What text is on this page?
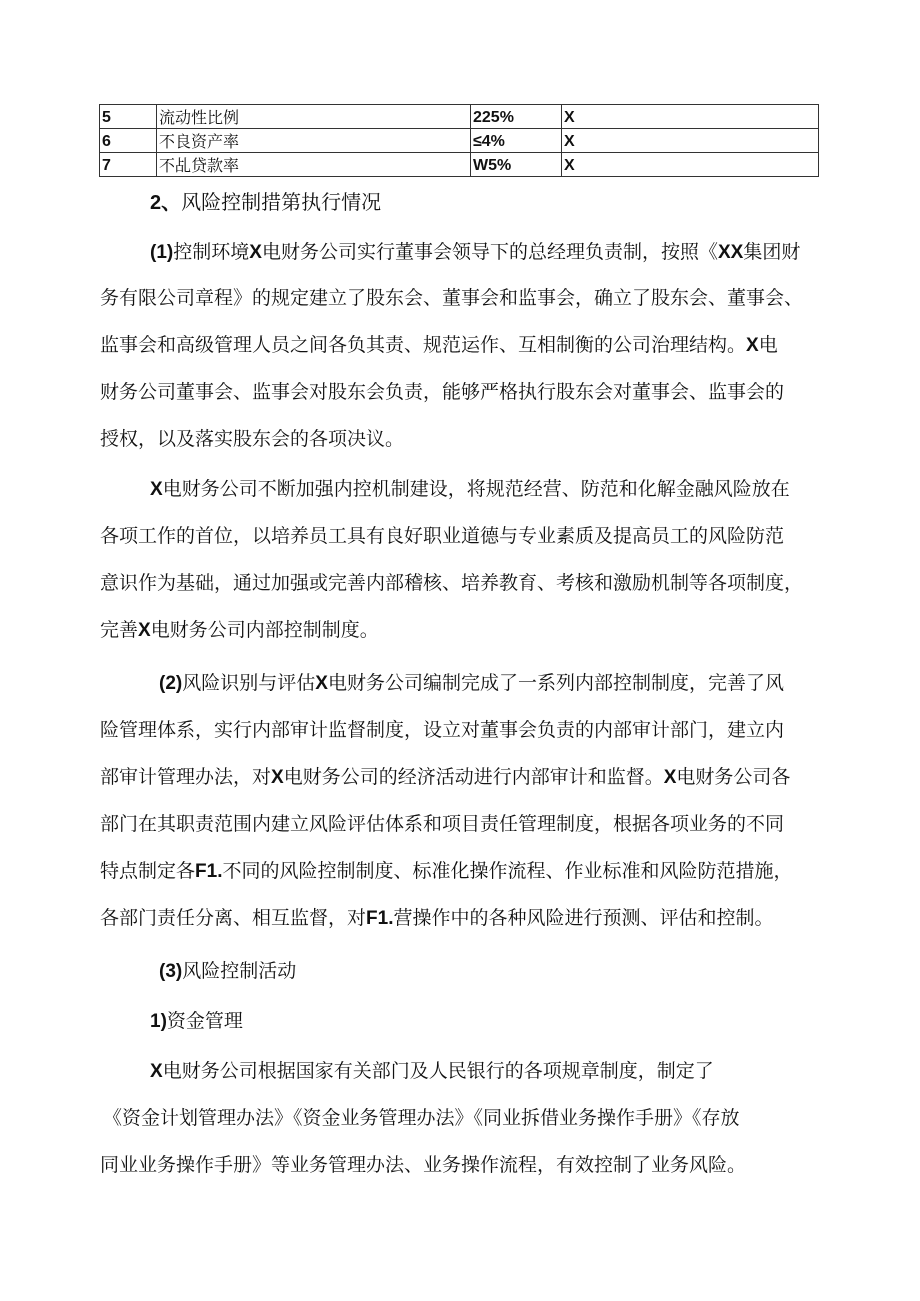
5	流动性比例	225%	X
6	不良资产率	≤4%	X
7	不乩贷款率	W5%	X
2、风险控制措第执行情况
(1)控制环境X电财务公司实行董事会领导下的总经理负责制，按照《XX集团财
务有限公司章程》的规定建立了股东会、董事会和监事会，确立了股东会、董事会、
监事会和高级管理人员之间各负其责、规范运作、互相制衡的公司治理结构。X电
财务公司董事会、监事会对股东会负责，能够严格执行股东会对董事会、监事会的
授权，以及落实股东会的各项决议。
X电财务公司不断加强内控机制建设，将规范经营、防范和化解金融风险放在
各项工作的首位，以培养员工具有良好职业道德与专业素质及提高员工的风险防范
意识作为基础，通过加强或完善内部稽核、培养教育、考核和激励机制等各项制度，
完善X电财务公司内部控制制度。
(2)风险识别与评估X电财务公司编制完成了一系列内部控制制度，完善了风
险管理体系，实行内部审计监督制度，设立对董事会负责的内部审计部门，建立内
部审计管理办法，对X电财务公司的经济活动进行内部审计和监督。X电财务公司各
部门在其职责范围内建立风险评估体系和项目责任管理制度，根据各项业务的不同
特点制定各F1.不同的风险控制制度、标准化操作流程、作业标准和风险防范措施，
各部门责任分离、相互监督，对F1.营操作中的各种风险进行预测、评估和控制。
(3)风险控制活动
1)资金管理
X电财务公司根据国家有关部门及人民银行的各项规章制度，制定了
《资金计划管理办法》《资金业务管理办法》《同业拆借业务操作手册》《存放
同业业务操作手册》等业务管理办法、业务操作流程，有效控制了业务风险。
